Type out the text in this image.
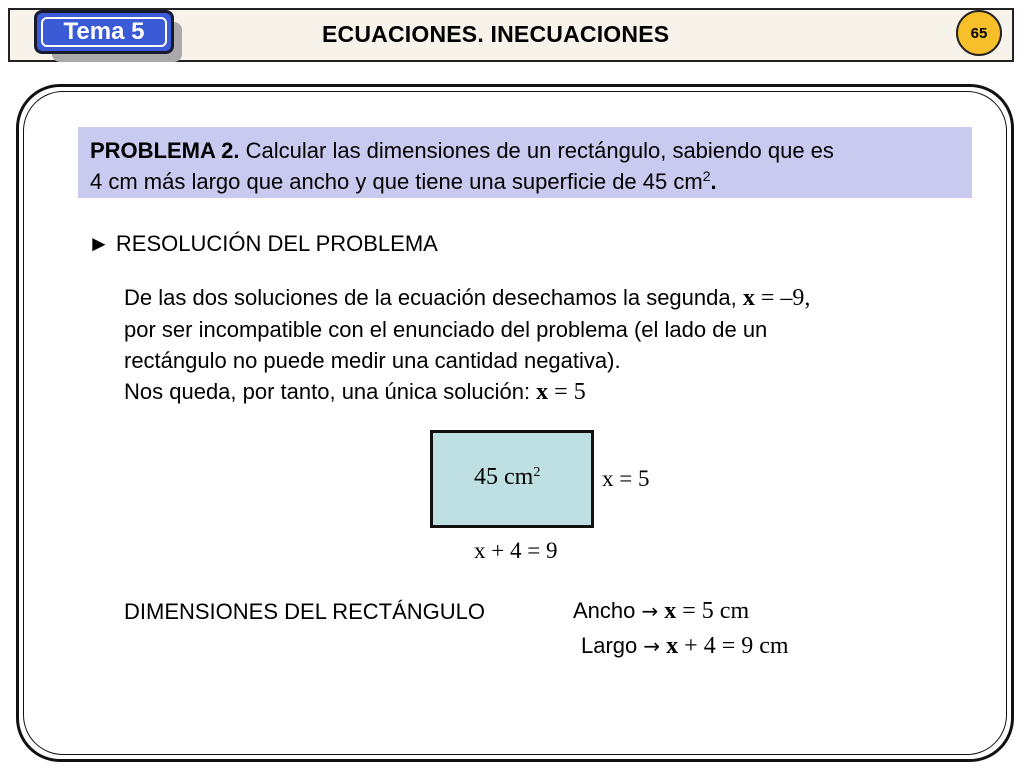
Tema 5	ECUACIONES. INECUACIONES	65
PROBLEMA 2. Calcular las dimensiones de un rectángulo, sabiendo que es
4 cm más largo que ancho y que tiene una superficie de 45 $cm^2$.
► RESOLUCIÓN DEL PROBLEMA
De las dos soluciones de la ecuación desechamos la segunda, x = –9,
por ser incompatible con el enunciado del problema (el lado de un
rectángulo no puede medir una cantidad negativa).
Nos queda, por tanto, una única solución: x = 5
45 $cm^2$	x = 5
x + 4 = 9
DIMENSIONES DEL RECTÁNGULO	Ancho → x = 5 cm
Largo → x + 4 = 9 cm
